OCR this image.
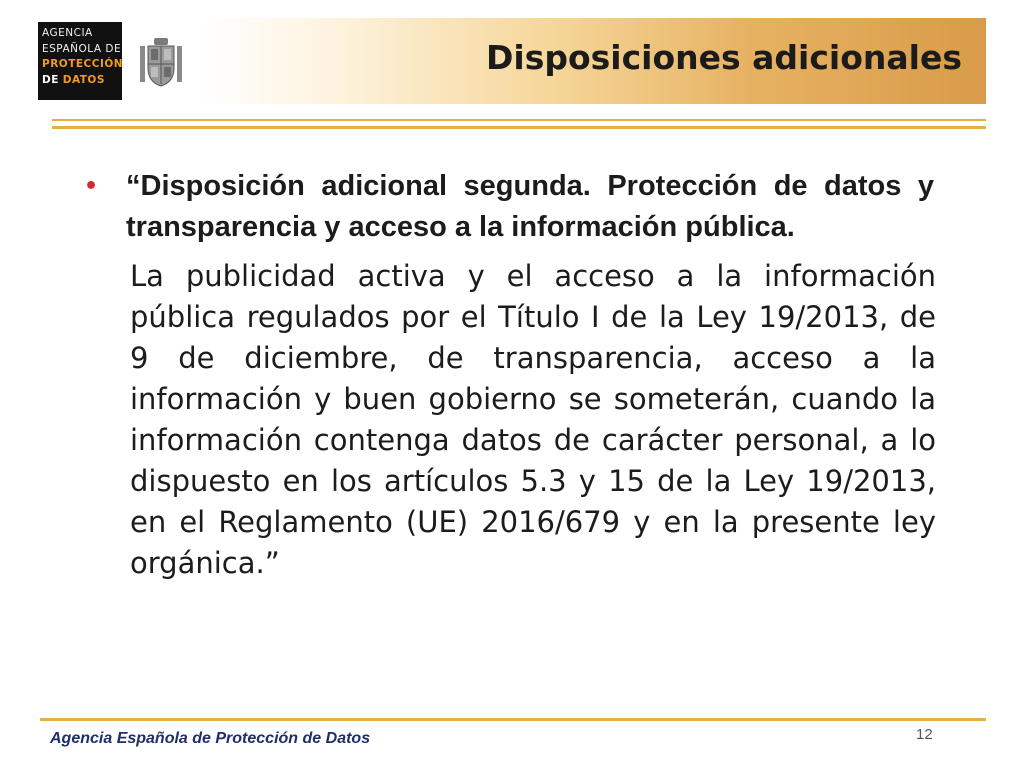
AGENCIA
ESPAÑOLA DE
PROTECCIÓN
DE DATOS
Disposiciones adicionales
• “Disposición adicional segunda. Protección de datos y transparencia y acceso a la información pública.
La publicidad activa y el acceso a la información pública regulados por el Título I de la Ley 19/2013, de 9 de diciembre, de transparencia, acceso a la información y buen gobierno se someterán, cuando la información contenga datos de carácter personal, a lo dispuesto en los artículos 5.3 y 15 de la Ley 19/2013, en el Reglamento (UE) 2016/679 y en la presente ley orgánica.”
Agencia Española de Protección de Datos	12
